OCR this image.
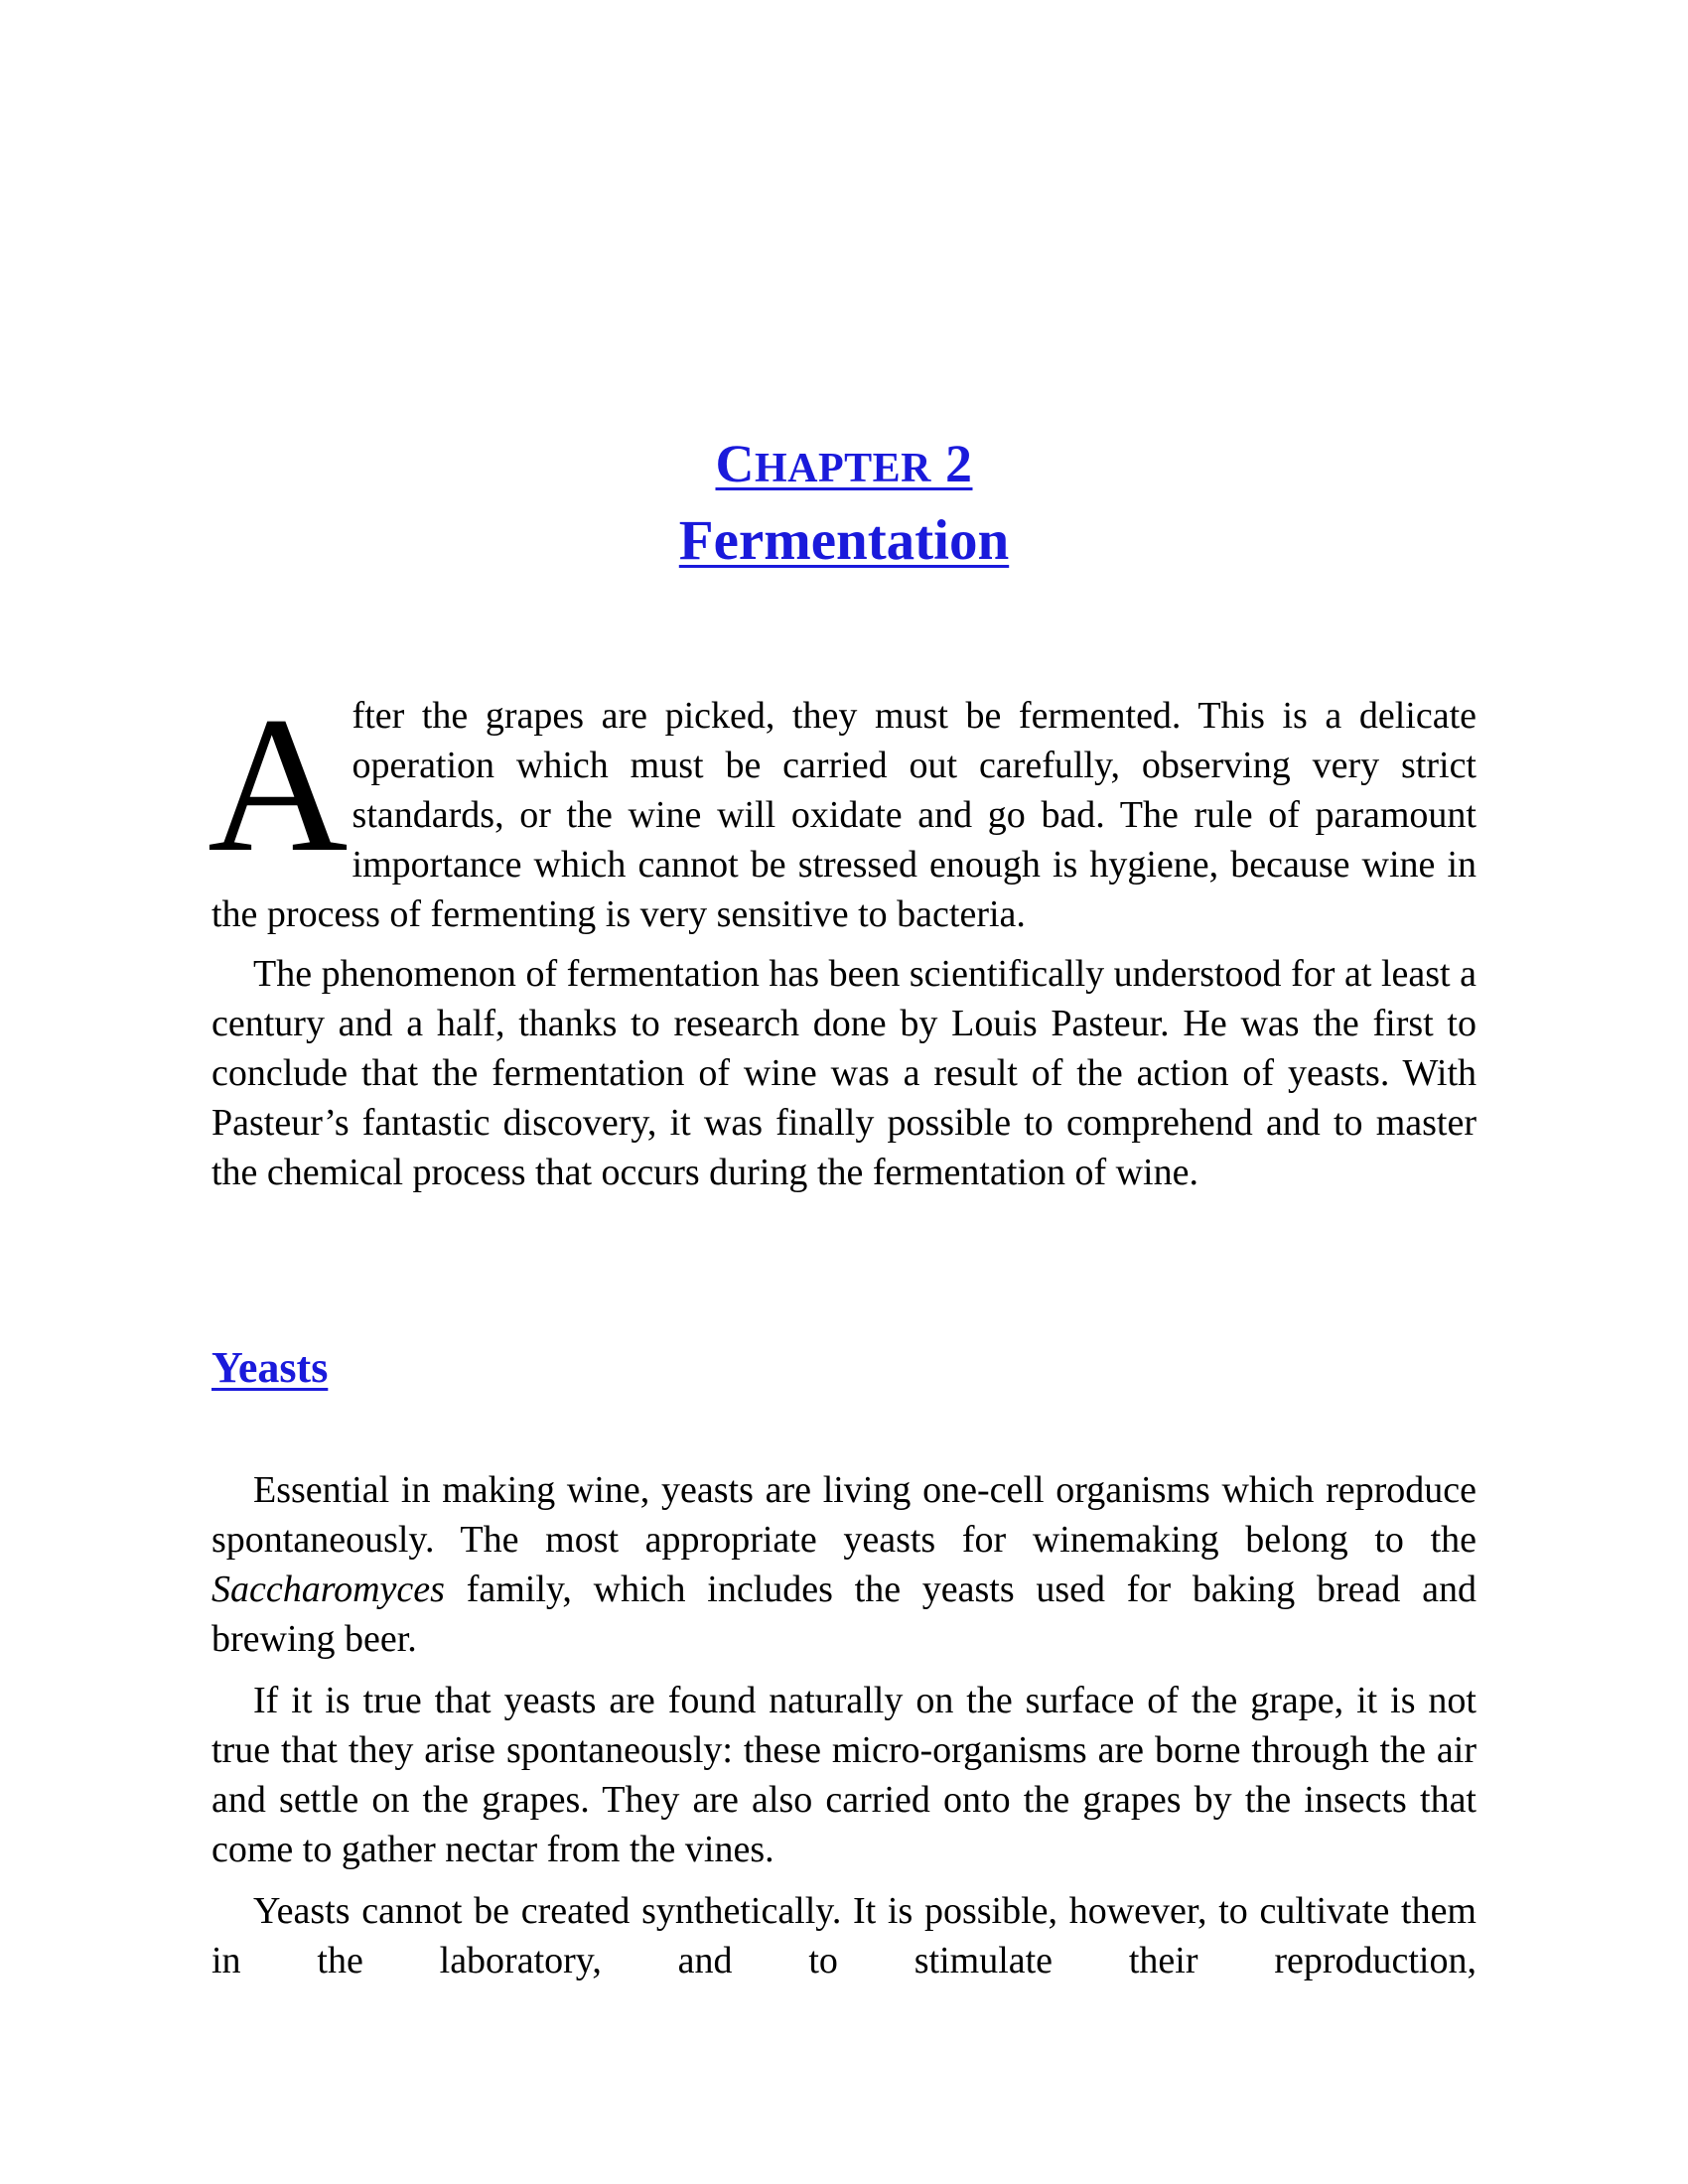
CHAPTER 2
Fermentation
A fter the grapes are picked, they must be fermented. This is a delicate operation which must be carried out carefully, observing very strict standards, or the wine will oxidate and go bad. The rule of paramount importance which cannot be stressed enough is hygiene, because wine in the process of fermenting is very sensitive to bacteria.

The phenomenon of fermentation has been scientifically understood for at least a century and a half, thanks to research done by Louis Pasteur. He was the first to conclude that the fermentation of wine was a result of the action of yeasts. With Pasteur’s fantastic discovery, it was finally possible to comprehend and to master the chemical process that occurs during the fermentation of wine.

Yeasts

Essential in making wine, yeasts are living one-cell organisms which reproduce spontaneously. The most appropriate yeasts for winemaking belong to the Saccharomyces family, which includes the yeasts used for baking bread and brewing beer.

If it is true that yeasts are found naturally on the surface of the grape, it is not true that they arise spontaneously: these micro-organisms are borne through the air and settle on the grapes. They are also carried onto the grapes by the insects that come to gather nectar from the vines.

Yeasts cannot be created synthetically. It is possible, however, to cultivate them in the laboratory, and to stimulate their reproduction,
